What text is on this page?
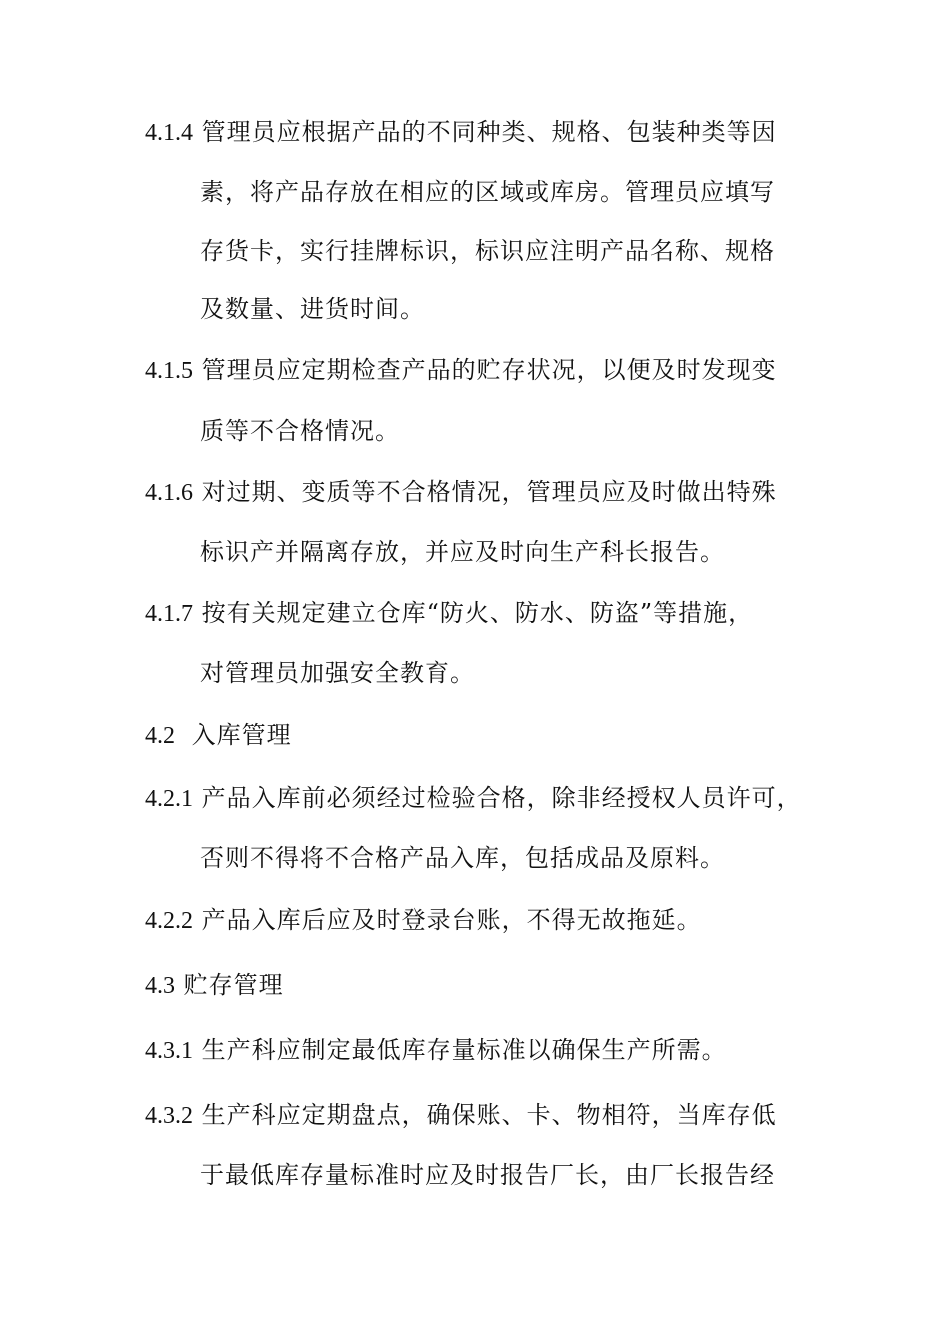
4.1.4 管理员应根据产品的不同种类、规格、包装种类等因
素，将产品存放在相应的区域或库房。管理员应填写
存货卡，实行挂牌标识，标识应注明产品名称、规格
及数量、进货时间。
4.1.5 管理员应定期检查产品的贮存状况，以便及时发现变
质等不合格情况。
4.1.6 对过期、变质等不合格情况，管理员应及时做出特殊
标识产并隔离存放，并应及时向生产科长报告。
4.1.7 按有关规定建立仓库“防火、防水、防盗”等措施，
对管理员加强安全教育。
4.2 入库管理
4.2.1 产品入库前必须经过检验合格，除非经授权人员许可，
否则不得将不合格产品入库，包括成品及原料。
4.2.2 产品入库后应及时登录台账，不得无故拖延。
4.3 贮存管理
4.3.1 生产科应制定最低库存量标准以确保生产所需。
4.3.2 生产科应定期盘点，确保账、卡、物相符，当库存低
于最低库存量标准时应及时报告厂长，由厂长报告经
